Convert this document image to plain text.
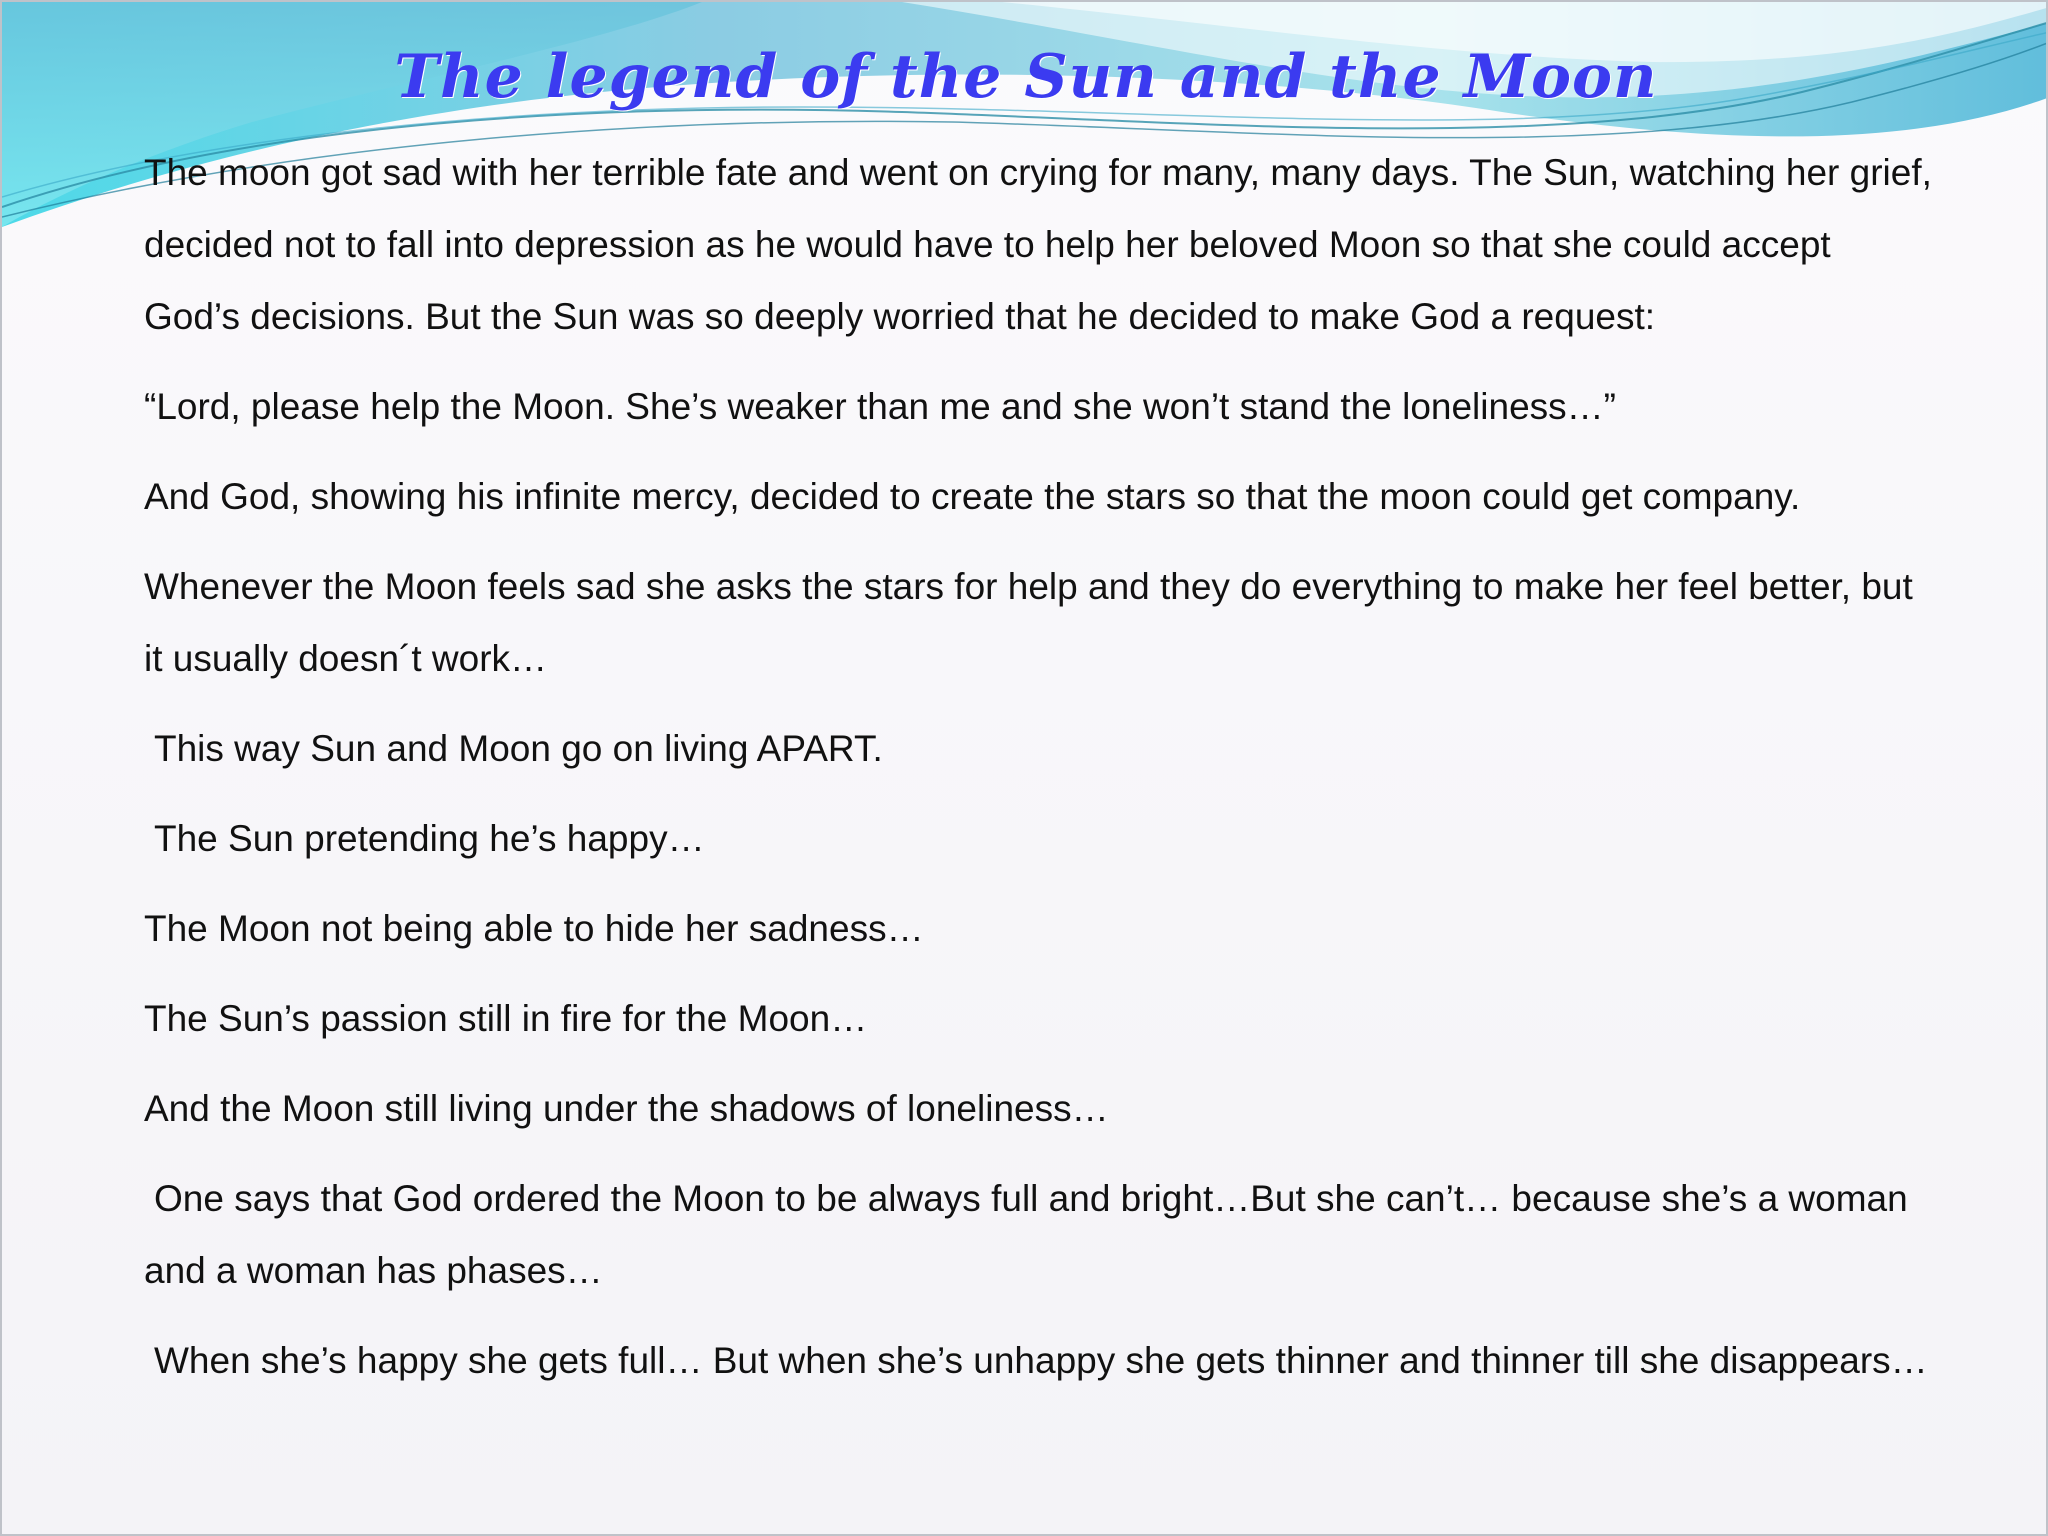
The legend of the Sun and the Moon

The moon got sad with her terrible fate and went on crying for many, many days. The Sun, watching her grief, decided not to fall into depression as he would have to help her beloved Moon so that she could accept God’s decisions. But the Sun was so deeply worried that he decided to make God a request:

“Lord, please help the Moon. She’s weaker than me and she won’t stand the loneliness…”

And God, showing his infinite mercy, decided to create the stars so that the moon could get company.

Whenever the Moon feels sad she asks the stars for help and they do everything to make her feel better, but it usually doesn´t work…

This way Sun and Moon go on living APART.

The Sun pretending he’s happy…

The Moon not being able to hide her sadness…

The Sun’s passion still in fire for the Moon…

And the Moon still living under the shadows of loneliness…

One says that God ordered the Moon to be always full and bright…But she can’t… because she’s a woman and a woman has phases…

When she’s happy she gets full… But when she’s unhappy she gets thinner and thinner till she disappears…
